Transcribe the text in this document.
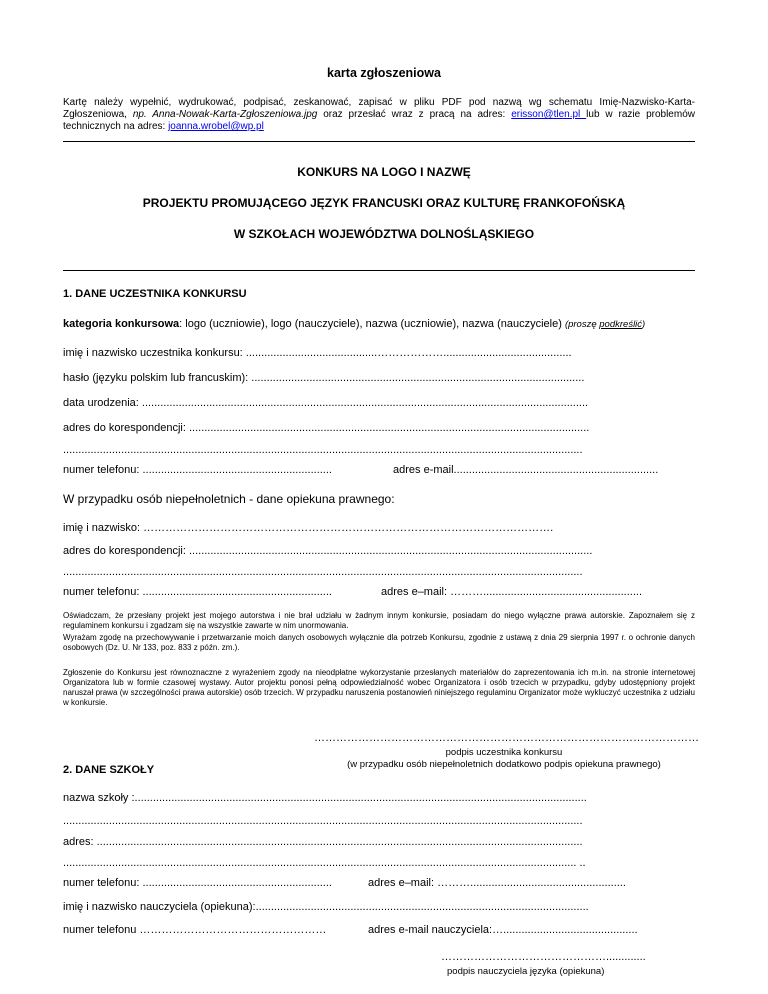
karta zgłoszeniowa
Kartę należy wypełnić, wydrukować, podpisać, zeskanować, zapisać w pliku PDF pod nazwą wg schematu Imię-Nazwisko-Karta-Zgłoszeniowa, np. Anna-Nowak-Karta-Zgłoszeniowa.jpg oraz przesłać wraz z pracą na adres: erisson@tlen.pl lub w razie problemów technicznych na adres: joanna.wrobel@wp.pl
KONKURS NA LOGO I NAZWĘ
PROJEKTU PROMUJĄCEGO JĘZYK FRANCUSKI ORAZ KULTURĘ FRANKOFOŃSKĄ
W SZKOŁACH WOJEWÓDZTWA DOLNOŚLĄSKIEGO
1. DANE UCZESTNIKA KONKURSU
kategoria konkursowa: logo (uczniowie), logo (nauczyciele), nazwa (uczniowie), nazwa (nauczyciele) (proszę podkreślić)
imię i nazwisko uczestnika konkursu: ...........................................………………..........................................
hasło (języku polskim lub francuskim): .............................................................................................................
data urodzenia: ..................................................................................................................................................
adres do korespondencji: ...................................................................................................................................
..........................................................................................................................................................................
numer telefonu: ..............................................................	adres e-mail...................................................................
W przypadku osób niepełnoletnich - dane opiekuna prawnego:
imię i nazwisko: ………………………………………………………………………………………………….
adres do korespondencji: ....................................................................................................................................
..........................................................................................................................................................................
numer telefonu: ..............................................................	adres e–mail: ………....................................................
Oświadczam, że przesłany projekt jest mojego autorstwa i nie brał udziału w żadnym innym konkursie, posiadam do niego wyłączne prawa autorskie. Zapoznałem się z regulaminem konkursu i zgadzam się na wszystkie zawarte w nim unormowania.
Wyrażam zgodę na przechowywanie i przetwarzanie moich danych osobowych wyłącznie dla potrzeb Konkursu, zgodnie z ustawą z dnia 29 sierpnia 1997 r. o ochronie danych osobowych (Dz. U. Nr 133, poz. 833 z późn. zm.).
Zgłoszenie do Konkursu jest równoznaczne z wyrażeniem zgody na nieodpłatne wykorzystanie przesłanych materiałów do zaprezentowania ich m.in. na stronie internetowej Organizatora lub w formie czasowej wystawy. Autor projektu ponosi pełną odpowiedzialność wobec Organizatora i osób trzecich w przypadku, gdyby udostępniony projekt naruszał prawa (w szczególności prawa autorskie) osób trzecich. W przypadku naruszenia postanowień niniejszego regulaminu Organizator może wykluczyć uczestnika z udziału w konkursie.
……………………………………………………………………………………………
podpis uczestnika konkursu
(w przypadku osób niepełnoletnich dodatkowo podpis opiekuna prawnego)
2. DANE SZKOŁY
nazwa szkoły :....................................................................................................................................................
..........................................................................................................................................................................
adres: ...............................................................................................................................................................
........................................................................................................................................................................ ..
numer telefonu: ..............................................................	adres e–mail: ………...................................................
imię i nazwisko nauczyciela (opiekuna):.............................................................................................................
numer telefonu ……………………………………………	adres e-mail nauczyciela:…............................................
……………………………………….............
podpis nauczyciela języka (opiekuna)
